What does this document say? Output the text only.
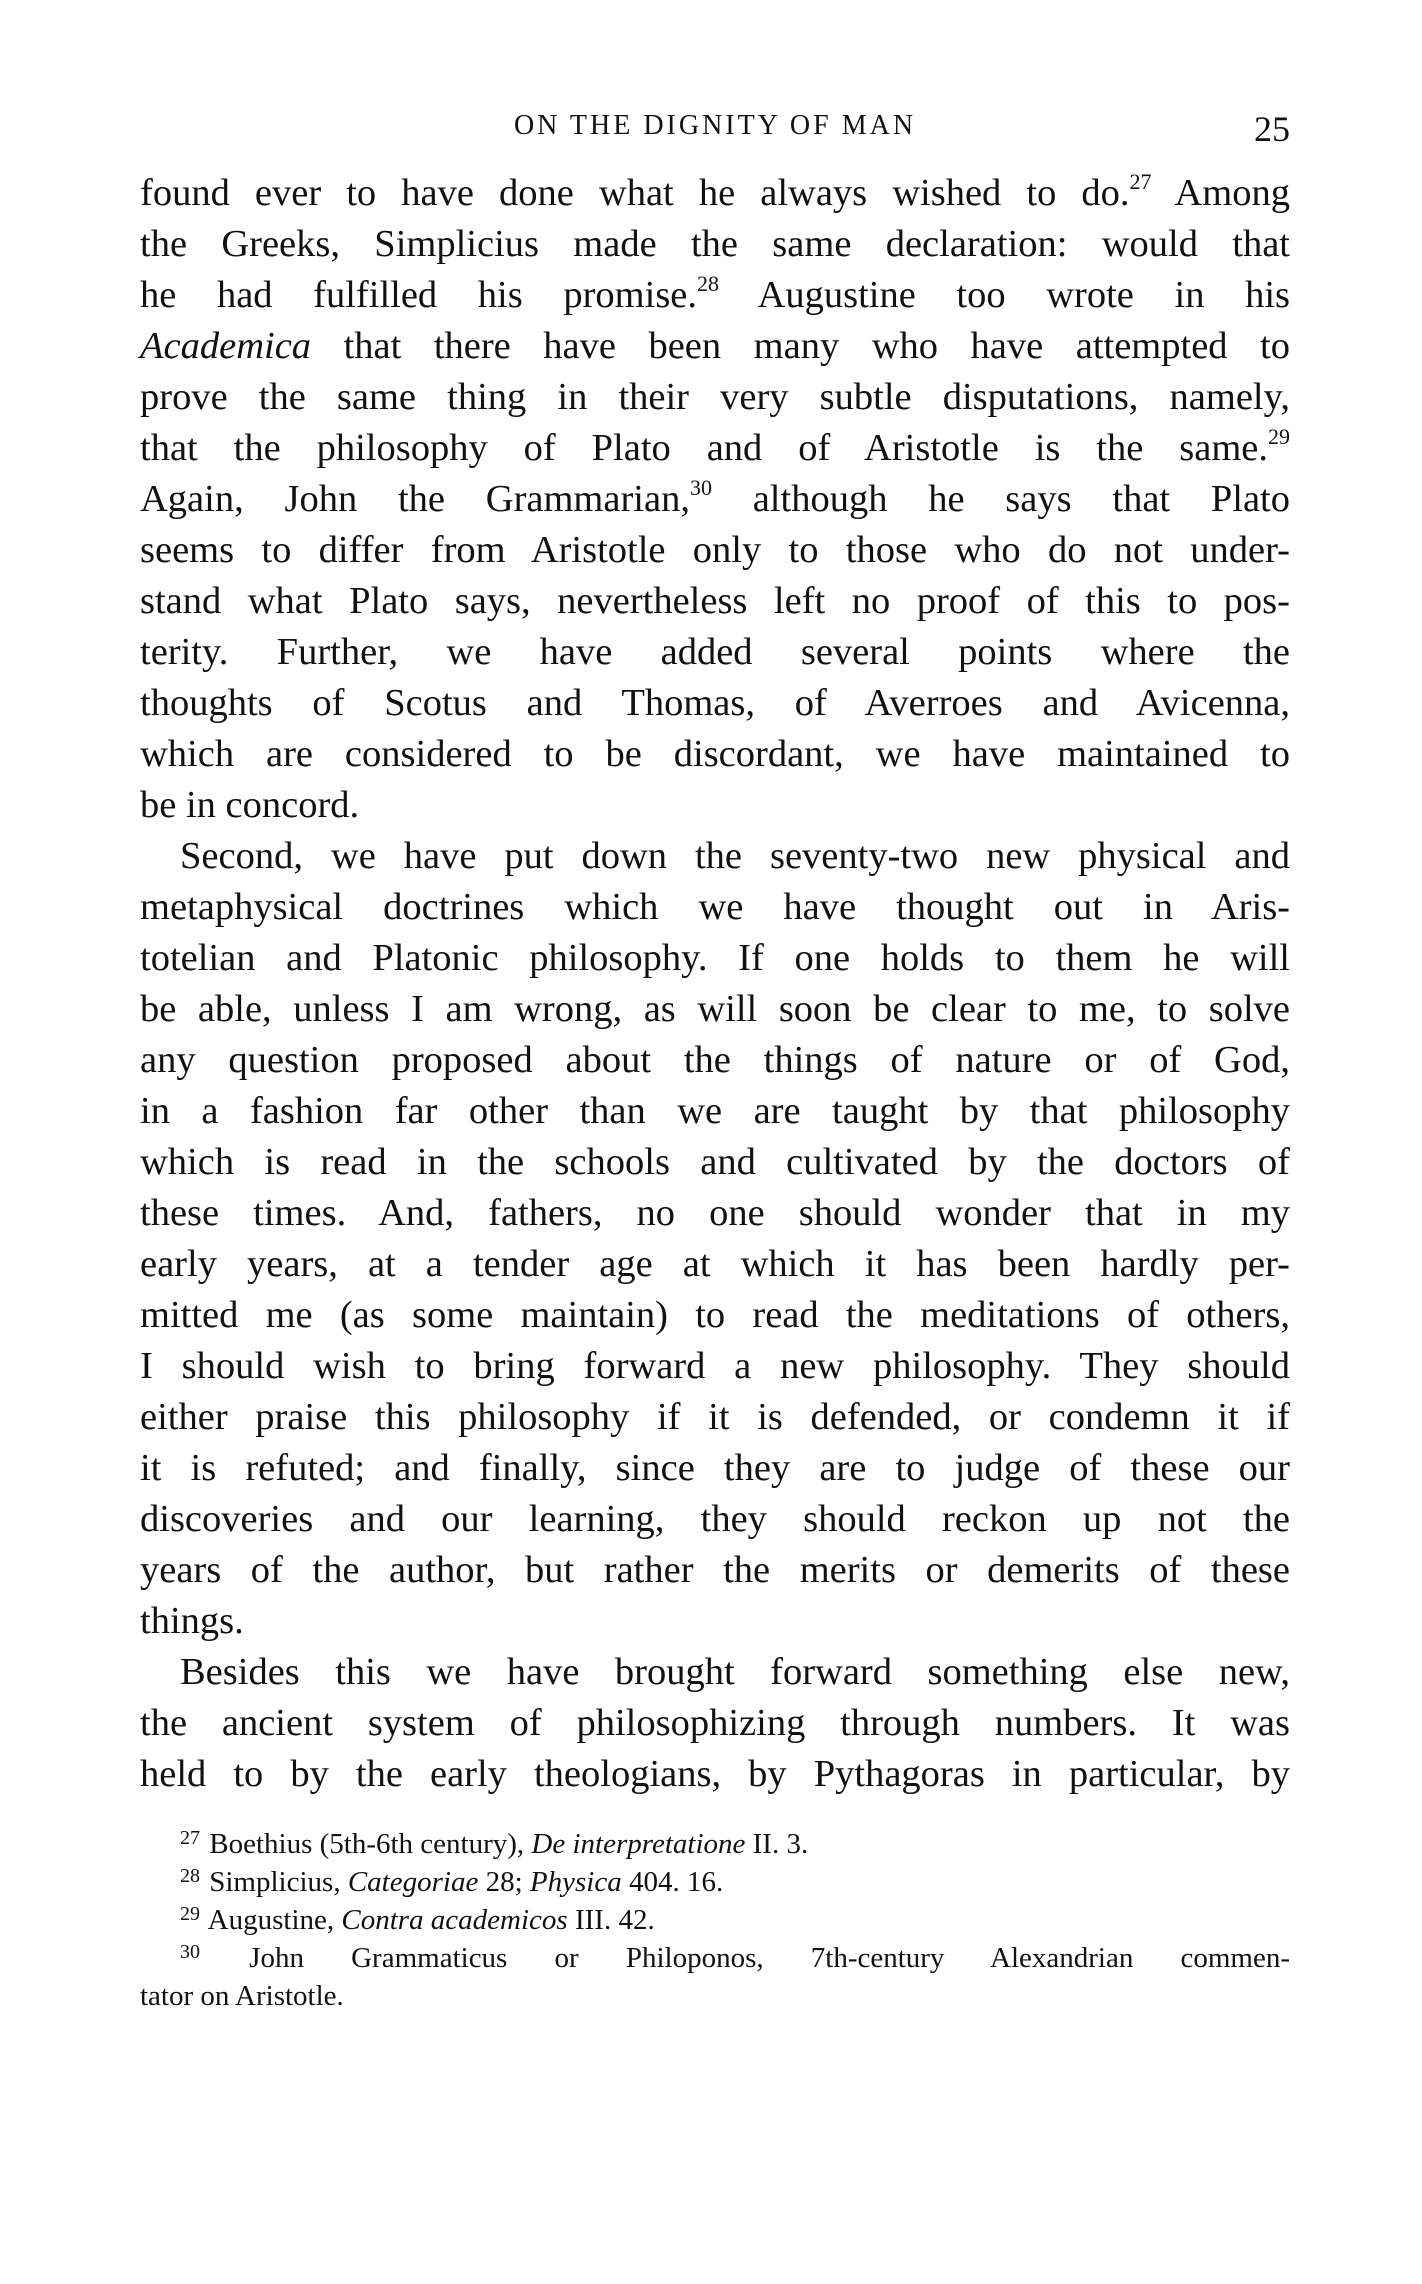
ON THE DIGNITY OF MAN	25
found ever to have done what he always wished to do.$^{27}$ Among
the Greeks, Simplicius made the same declaration: would that
he had fulfilled his promise.$^{28}$ Augustine too wrote in his
Academica that there have been many who have attempted to
prove the same thing in their very subtle disputations, namely,
that the philosophy of Plato and of Aristotle is the same.$^{29}$
Again, John the Grammarian,$^{30}$ although he says that Plato
seems to differ from Aristotle only to those who do not under-
stand what Plato says, nevertheless left no proof of this to pos-
terity. Further, we have added several points where the
thoughts of Scotus and Thomas, of Averroes and Avicenna,
which are considered to be discordant, we have maintained to
be in concord.
Second, we have put down the seventy-two new physical and
metaphysical doctrines which we have thought out in Aris-
totelian and Platonic philosophy. If one holds to them he will
be able, unless I am wrong, as will soon be clear to me, to solve
any question proposed about the things of nature or of God,
in a fashion far other than we are taught by that philosophy
which is read in the schools and cultivated by the doctors of
these times. And, fathers, no one should wonder that in my
early years, at a tender age at which it has been hardly per-
mitted me (as some maintain) to read the meditations of others,
I should wish to bring forward a new philosophy. They should
either praise this philosophy if it is defended, or condemn it if
it is refuted; and finally, since they are to judge of these our
discoveries and our learning, they should reckon up not the
years of the author, but rather the merits or demerits of these
things.
Besides this we have brought forward something else new,
the ancient system of philosophizing through numbers. It was
held to by the early theologians, by Pythagoras in particular, by
$^{27}$ Boethius (5th-6th century), De interpretatione II. 3.
$^{28}$ Simplicius, Categoriae 28; Physica 404. 16.
$^{29}$ Augustine, Contra academicos III. 42.
$^{30}$ John Grammaticus or Philoponos, 7th-century Alexandrian commen-
tator on Aristotle.
